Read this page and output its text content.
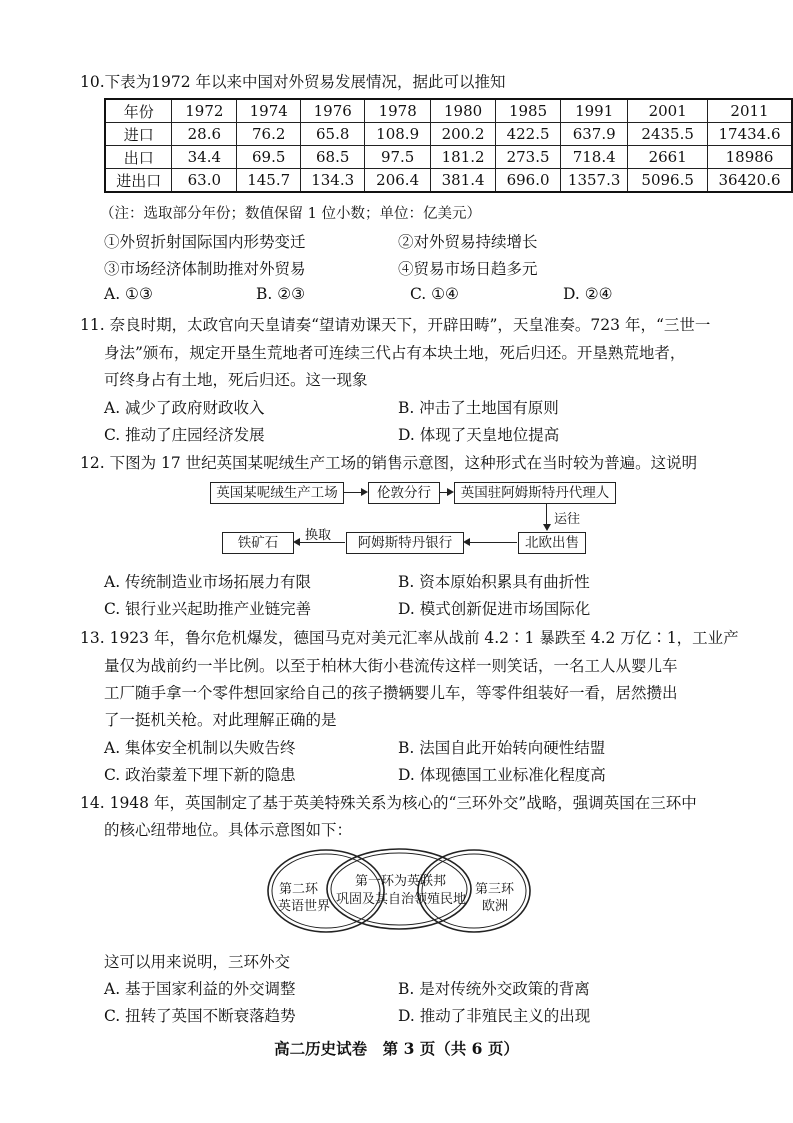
10.下表为1972 年以来中国对外贸易发展情况，据此可以推知
年份	1972	1974	1976	1978	1980	1985	1991	2001	2011
进口	28.6	76.2	65.8	108.9	200.2	422.5	637.9	2435.5	17434.6
出口	34.4	69.5	68.5	97.5	181.2	273.5	718.4	2661	18986
进出口	63.0	145.7	134.3	206.4	381.4	696.0	1357.3	5096.5	36420.6
（注：选取部分年份；数值保留 1 位小数；单位：亿美元）
①外贸折射国际国内形势变迁	②对外贸易持续增长
③市场经济体制助推对外贸易	④贸易市场日趋多元
A. ①③	B. ②③	C. ①④	D. ②④
11. 奈良时期，太政官向天皇请奏“望请劝课天下，开辟田畴”，天皇准奏。723 年，“三世一
身法”颁布，规定开垦生荒地者可连续三代占有本块土地，死后归还。开垦熟荒地者，
可终身占有土地，死后归还。这一现象
A. 减少了政府财政收入	B. 冲击了土地国有原则
C. 推动了庄园经济发展	D. 体现了天皇地位提高
12. 下图为 17 世纪英国某呢绒生产工场的销售示意图，这种形式在当时较为普遍。这说明
英国某呢绒生产工场	伦敦分行	英国驻阿姆斯特丹代理人
运往
北欧出售
阿姆斯特丹银行
换取
铁矿石
A. 传统制造业市场拓展力有限	B. 资本原始积累具有曲折性
C. 银行业兴起助推产业链完善	D. 模式创新促进市场国际化
13. 1923 年，鲁尔危机爆发，德国马克对美元汇率从战前 4.2∶1 暴跌至 4.2 万亿∶1，工业产
量仅为战前约一半比例。以至于柏林大街小巷流传这样一则笑话，一名工人从婴儿车
工厂随手拿一个零件想回家给自己的孩子攒辆婴儿车，等零件组装好一看，居然攒出
了一挺机关枪。对此理解正确的是
A. 集体安全机制以失败告终	B. 法国自此开始转向硬性结盟
C. 政治蒙羞下埋下新的隐患	D. 体现德国工业标准化程度高
14. 1948 年，英国制定了基于英美特殊关系为核心的“三环外交”战略，强调英国在三环中
的核心纽带地位。具体示意图如下：
第二环
英语世界
第一环为英联邦
巩固及其自治领殖民地
第三环
欧洲
这可以用来说明，三环外交
A. 基于国家利益的外交调整	B. 是对传统外交政策的背离
C. 扭转了英国不断衰落趋势	D. 推动了非殖民主义的出现
高二历史试卷　第 3 页（共 6 页）
